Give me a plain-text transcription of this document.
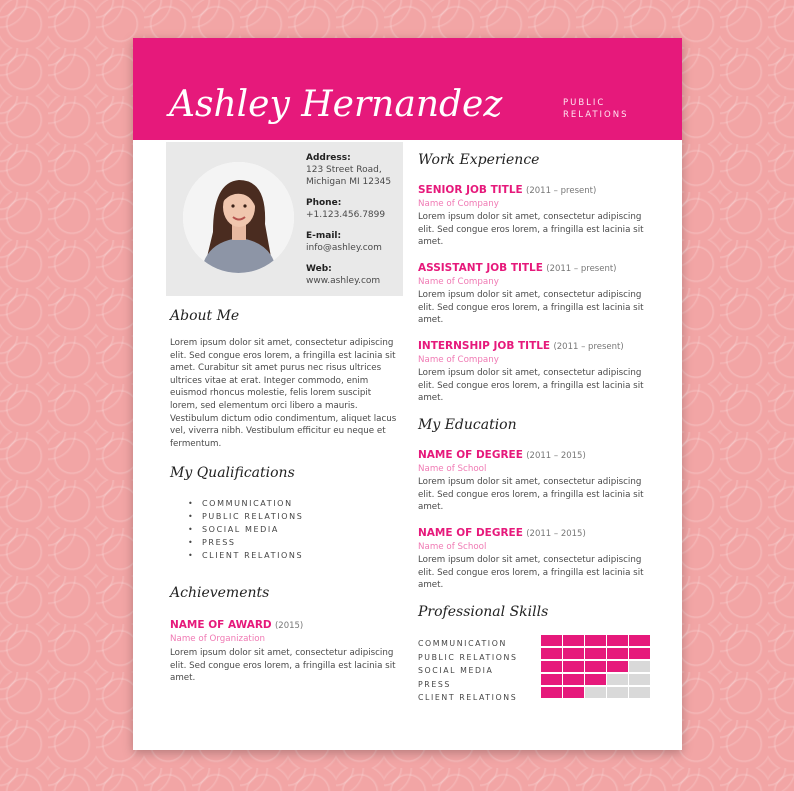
Ashley Hernandez	PUBLIC RELATIONS
Address:
123 Street Road,
Michigan MI 12345
Phone:
+1.123.456.7899
E-mail:
info@ashley.com
Web:
www.ashley.com
About Me
Lorem ipsum dolor sit amet, consectetur adipiscing elit. Sed congue eros lorem, a fringilla est lacinia sit amet. Curabitur sit amet purus nec risus ultrices ultrices vitae at erat. Integer commodo, enim euismod rhoncus molestie, felis lorem suscipit lorem, sed elementum orci libero a mauris. Vestibulum dictum odio condimentum, aliquet lacus vel, viverra nibh. Vestibulum efficitur eu neque et fermentum.
My Qualifications
• COMMUNICATION
• PUBLIC RELATIONS
• SOCIAL MEDIA
• PRESS
• CLIENT RELATIONS
Achievements
NAME OF AWARD (2015)
Name of Organization
Lorem ipsum dolor sit amet, consectetur adipiscing elit. Sed congue eros lorem, a fringilla est lacinia sit amet.
Work Experience
SENIOR JOB TITLE (2011 – present)
Name of Company
Lorem ipsum dolor sit amet, consectetur adipiscing elit. Sed congue eros lorem, a fringilla est lacinia sit amet.
ASSISTANT JOB TITLE (2011 – present)
Name of Company
Lorem ipsum dolor sit amet, consectetur adipiscing elit. Sed congue eros lorem, a fringilla est lacinia sit amet.
INTERNSHIP JOB TITLE (2011 – present)
Name of Company
Lorem ipsum dolor sit amet, consectetur adipiscing elit. Sed congue eros lorem, a fringilla est lacinia sit amet.
My Education
NAME OF DEGREE (2011 – 2015)
Name of School
Lorem ipsum dolor sit amet, consectetur adipiscing elit. Sed congue eros lorem, a fringilla est lacinia sit amet.
NAME OF DEGREE (2011 – 2015)
Name of School
Lorem ipsum dolor sit amet, consectetur adipiscing elit. Sed congue eros lorem, a fringilla est lacinia sit amet.
Professional Skills
COMMUNICATION
PUBLIC RELATIONS
SOCIAL MEDIA
PRESS
CLIENT RELATIONS
